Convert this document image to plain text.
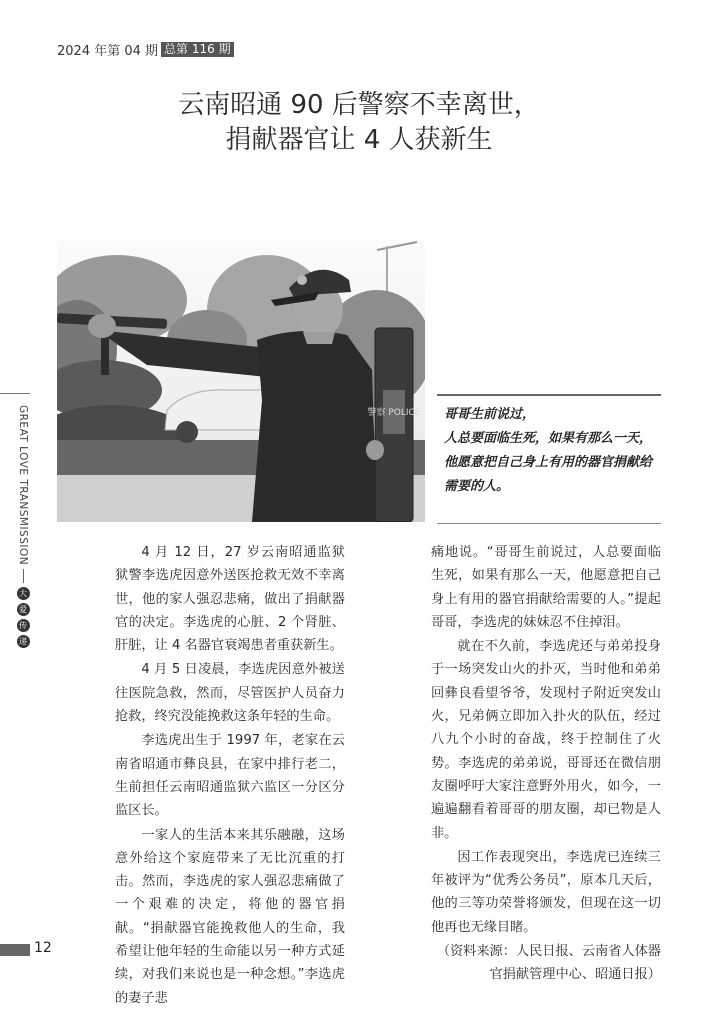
2024 年第 04 期 总第 116 期
云南昭通 90 后警察不幸离世，
捐献器官让 4 人获新生
警察 POLICE 哥哥生前说过，
人总要面临生死，如果有那么一天，
他愿意把自己身上有用的器官捐献给需要的人。
GREAT LOVE TRANSMISSION
大
爱
传
递

4 月 12 日，27 岁云南昭通监狱狱警李选虎因意外送医抢救无效不幸离世，他的家人强忍悲痛，做出了捐献器官的决定。李选虎的心脏、2 个肾脏、肝脏，让 4 名器官衰竭患者重获新生。

4 月 5 日凌晨，李选虎因意外被送往医院急救，然而，尽管医护人员奋力抢救，终究没能挽救这条年轻的生命。

李选虎出生于 1997 年，老家在云南省昭通市彝良县，在家中排行老二，生前担任云南昭通监狱六监区一分区分监区长。

一家人的生活本来其乐融融，这场意外给这个家庭带来了无比沉重的打击。然而，李选虎的家人强忍悲痛做了一个艰难的决定，将他的器官捐献。“捐献器官能挽救他人的生命，我希望让他年轻的生命能以另一种方式延续，对我们来说也是一种念想。”李选虎的妻子悲

痛地说。“哥哥生前说过，人总要面临生死，如果有那么一天，他愿意把自己身上有用的器官捐献给需要的人。”提起哥哥，李选虎的妹妹忍不住掉泪。

就在不久前，李选虎还与弟弟投身于一场突发山火的扑灭，当时他和弟弟回彝良看望爷爷，发现村子附近突发山火，兄弟俩立即加入扑火的队伍，经过八九个小时的奋战，终于控制住了火势。李选虎的弟弟说，哥哥还在微信朋友圈呼吁大家注意野外用火，如今，一遍遍翻看着哥哥的朋友圈，却已物是人非。

因工作表现突出，李选虎已连续三年被评为“优秀公务员”，原本几天后，他的三等功荣誉将颁发，但现在这一切他再也无缘目睹。

（资料来源：人民日报、云南省人体器官捐献管理中心、昭通日报）

12
